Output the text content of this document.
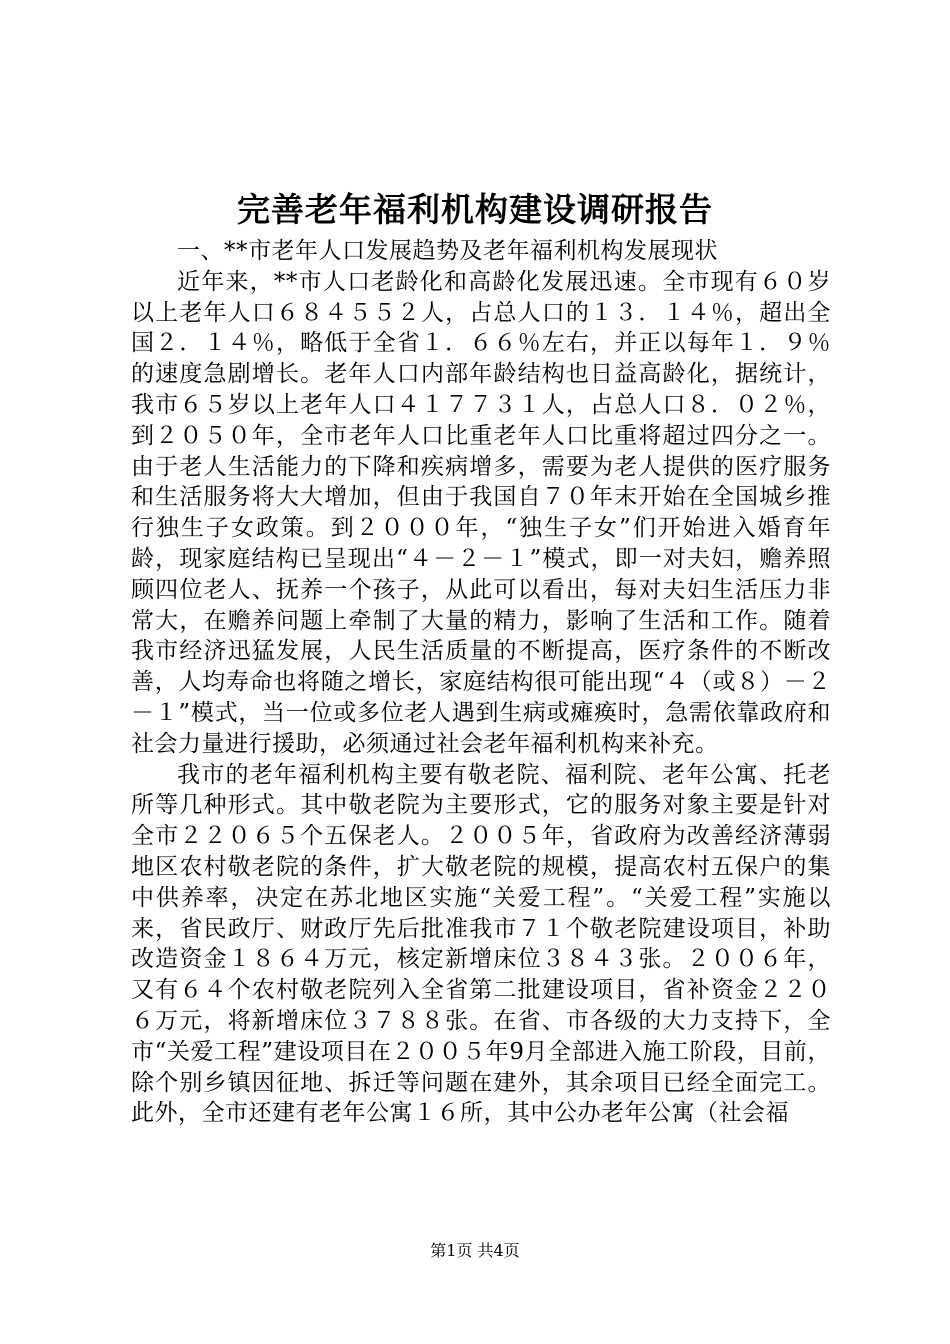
完善老年福利机构建设调研报告

一、**市老年人口发展趋势及老年福利机构发展现状

近年来，**市人口老龄化和高龄化发展迅速。全市现有６０岁以上老年人口６８４５５２人，占总人口的１３．１４％，超出全国２．１４％，略低于全省１．６６％左右，并正以每年１．９％的速度急剧增长。老年人口内部年龄结构也日益高龄化，据统计，我市６５岁以上老年人口４１７７３１人，占总人口８．０２％，到２０５０年，全市老年人口比重老年人口比重将超过四分之一。由于老人生活能力的下降和疾病增多，需要为老人提供的医疗服务和生活服务将大大增加，但由于我国自７０年末开始在全国城乡推行独生子女政策。到２０００年，“独生子女”们开始进入婚育年龄，现家庭结构已呈现出“４－２－１”模式，即一对夫妇，赡养照顾四位老人、抚养一个孩子，从此可以看出，每对夫妇生活压力非常大，在赡养问题上牵制了大量的精力，影响了生活和工作。随着我市经济迅猛发展，人民生活质量的不断提高，医疗条件的不断改善，人均寿命也将随之增长，家庭结构很可能出现“４（或８）－２－１”模式，当一位或多位老人遇到生病或瘫痪时，急需依靠政府和社会力量进行援助，必须通过社会老年福利机构来补充。

我市的老年福利机构主要有敬老院、福利院、老年公寓、托老所等几种形式。其中敬老院为主要形式，它的服务对象主要是针对全市２２０６５个五保老人。２００５年，省政府为改善经济薄弱地区农村敬老院的条件，扩大敬老院的规模，提高农村五保户的集中供养率，决定在苏北地区实施“关爱工程”。“关爱工程”实施以来，省民政厅、财政厅先后批准我市７１个敬老院建设项目，补助改造资金１８６４万元，核定新增床位３８４３张。２００６年，又有６４个农村敬老院列入全省第二批建设项目，省补资金２２０６万元，将新增床位３７８８张。在省、市各级的大力支持下，全市“关爱工程”建设项目在２００５年9月全部进入施工阶段，目前，除个别乡镇因征地、拆迁等问题在建外，其余项目已经全面完工。此外，全市还建有老年公寓１６所，其中公办老年公寓（社会福

第1页 共4页
